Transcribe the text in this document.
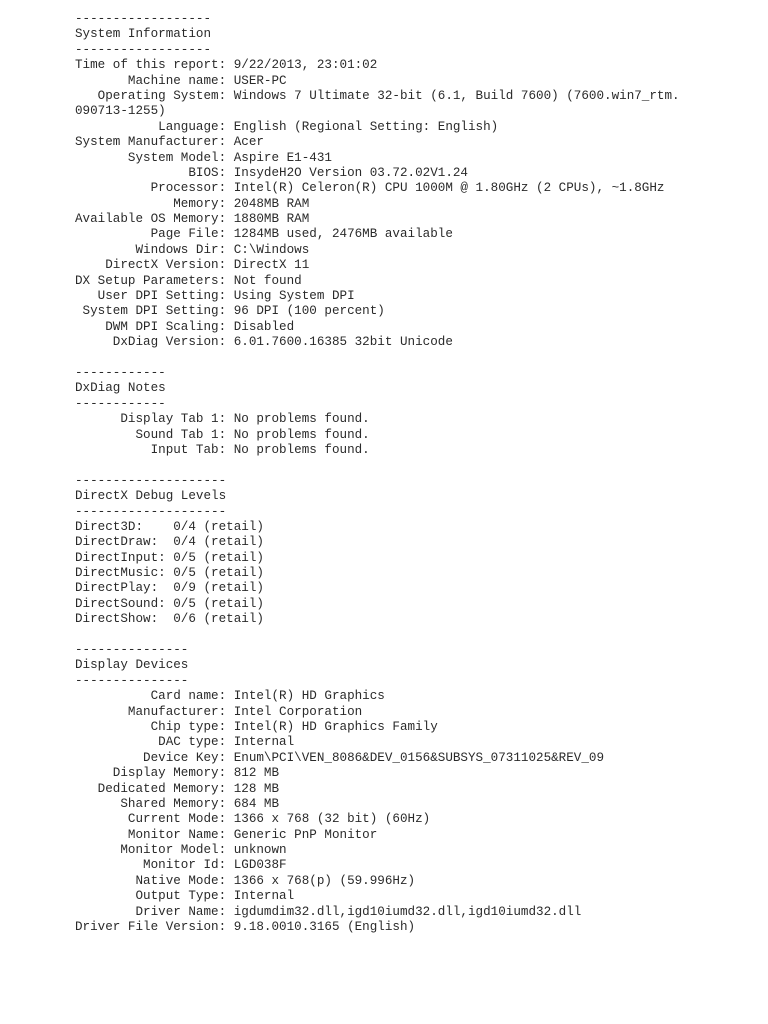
------------------
System Information
------------------
Time of this report: 9/22/2013, 23:01:02
Machine name: USER-PC
Operating System: Windows 7 Ultimate 32-bit (6.1, Build 7600) (7600.win7_rtm.
090713-1255)
Language: English (Regional Setting: English)
System Manufacturer: Acer
System Model: Aspire E1-431
BIOS: InsydeH2O Version 03.72.02V1.24
Processor: Intel(R) Celeron(R) CPU 1000M @ 1.80GHz (2 CPUs), ~1.8GHz
Memory: 2048MB RAM
Available OS Memory: 1880MB RAM
Page File: 1284MB used, 2476MB available
Windows Dir: C:\Windows
DirectX Version: DirectX 11
DX Setup Parameters: Not found
User DPI Setting: Using System DPI
System DPI Setting: 96 DPI (100 percent)
DWM DPI Scaling: Disabled
DxDiag Version: 6.01.7600.16385 32bit Unicode
------------
DxDiag Notes
------------
Display Tab 1: No problems found.
Sound Tab 1: No problems found.
Input Tab: No problems found.
--------------------
DirectX Debug Levels
--------------------
Direct3D:    0/4 (retail)
DirectDraw:  0/4 (retail)
DirectInput: 0/5 (retail)
DirectMusic: 0/5 (retail)
DirectPlay:  0/9 (retail)
DirectSound: 0/5 (retail)
DirectShow:  0/6 (retail)
---------------
Display Devices
---------------
Card name: Intel(R) HD Graphics
Manufacturer: Intel Corporation
Chip type: Intel(R) HD Graphics Family
DAC type: Internal
Device Key: Enum\PCI\VEN_8086&DEV_0156&SUBSYS_07311025&REV_09
Display Memory: 812 MB
Dedicated Memory: 128 MB
Shared Memory: 684 MB
Current Mode: 1366 x 768 (32 bit) (60Hz)
Monitor Name: Generic PnP Monitor
Monitor Model: unknown
Monitor Id: LGD038F
Native Mode: 1366 x 768(p) (59.996Hz)
Output Type: Internal
Driver Name: igdumdim32.dll,igd10iumd32.dll,igd10iumd32.dll
Driver File Version: 9.18.0010.3165 (English)
